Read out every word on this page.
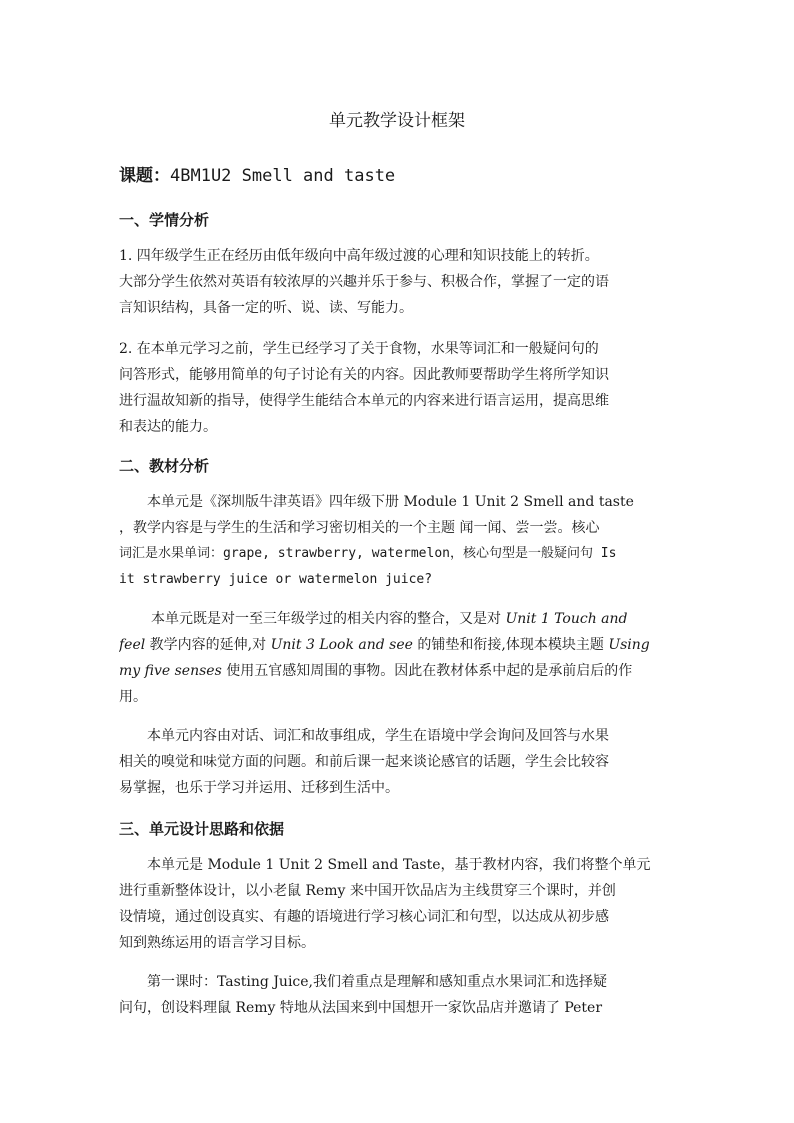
单元教学设计框架
课题：4BM1U2 Smell and taste
一、学情分析
1. 四年级学生正在经历由低年级向中高年级过渡的心理和知识技能上的转折。
大部分学生依然对英语有较浓厚的兴趣并乐于参与、积极合作，掌握了一定的语
言知识结构，具备一定的听、说、读、写能力。
2. 在本单元学习之前，学生已经学习了关于食物，水果等词汇和一般疑问句的
问答形式，能够用简单的句子讨论有关的内容。因此教师要帮助学生将所学知识
进行温故知新的指导，使得学生能结合本单元的内容来进行语言运用，提高思维
和表达的能力。
二、教材分析
本单元是《深圳版牛津英语》四年级下册 Module 1 Unit 2 Smell and taste
，教学内容是与学生的生活和学习密切相关的一个主题 闻一闻、尝一尝。核心
词汇是水果单词：grape, strawberry, watermelon，核心句型是一般疑问句 Is
it strawberry juice or watermelon juice?
本单元既是对一至三年级学过的相关内容的整合，又是对 Unit 1 Touch and
feel 教学内容的延伸,对 Unit 3 Look and see 的铺垫和衔接,体现本模块主题 Using
my five senses 使用五官感知周围的事物。因此在教材体系中起的是承前启后的作
用。
本单元内容由对话、词汇和故事组成，学生在语境中学会询问及回答与水果
相关的嗅觉和味觉方面的问题。和前后课一起来谈论感官的话题，学生会比较容
易掌握，也乐于学习并运用、迁移到生活中。
三、单元设计思路和依据
本单元是 Module 1 Unit 2 Smell and Taste，基于教材内容，我们将整个单元
进行重新整体设计，以小老鼠 Remy 来中国开饮品店为主线贯穿三个课时，并创
设情境，通过创设真实、有趣的语境进行学习核心词汇和句型，以达成从初步感
知到熟练运用的语言学习目标。
第一课时：Tasting Juice,我们着重点是理解和感知重点水果词汇和选择疑
问句，创设料理鼠 Remy 特地从法国来到中国想开一家饮品店并邀请了 Peter
